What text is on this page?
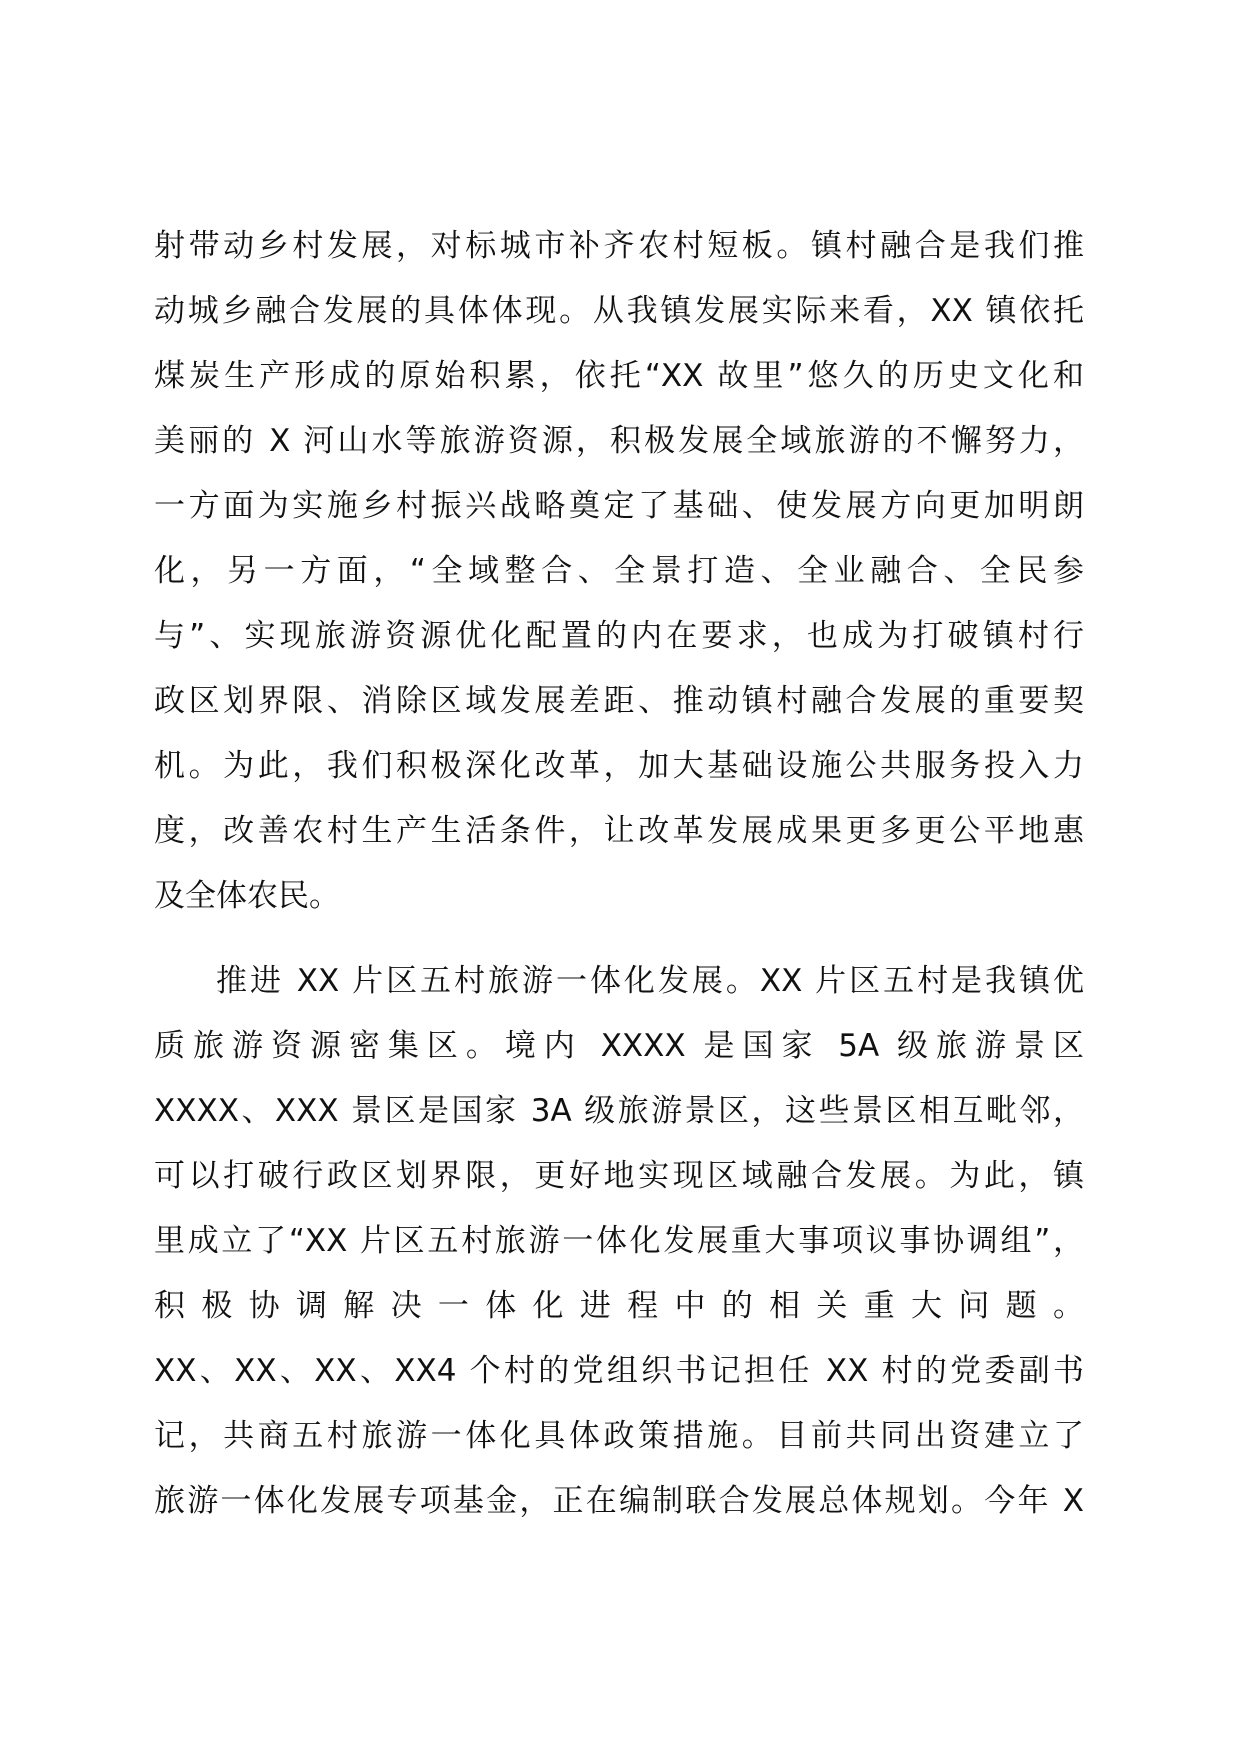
射带动乡村发展，对标城市补齐农村短板。镇村融合是我们推
动城乡融合发展的具体体现。从我镇发展实际来看，XX 镇依托
煤炭生产形成的原始积累，依托“XX 故里”悠久的历史文化和
美丽的 X 河山水等旅游资源，积极发展全域旅游的不懈努力，
一方面为实施乡村振兴战略奠定了基础、使发展方向更加明朗
化，另一方面，“全域整合、全景打造、全业融合、全民参
与”、实现旅游资源优化配置的内在要求，也成为打破镇村行
政区划界限、消除区域发展差距、推动镇村融合发展的重要契
机。为此，我们积极深化改革，加大基础设施公共服务投入力
度，改善农村生产生活条件，让改革发展成果更多更公平地惠
及全体农民。
推进 XX 片区五村旅游一体化发展。XX 片区五村是我镇优
质旅游资源密集区。境内 XXXX 是国家 5A 级旅游景区
XXXX、XXX 景区是国家 3A 级旅游景区，这些景区相互毗邻，
可以打破行政区划界限，更好地实现区域融合发展。为此，镇
里成立了“XX 片区五村旅游一体化发展重大事项议事协调组”，
积极协调解决一体化进程中的相关重大问题。
XX、XX、XX、XX4 个村的党组织书记担任 XX 村的党委副书
记，共商五村旅游一体化具体政策措施。目前共同出资建立了
旅游一体化发展专项基金，正在编制联合发展总体规划。今年 X
